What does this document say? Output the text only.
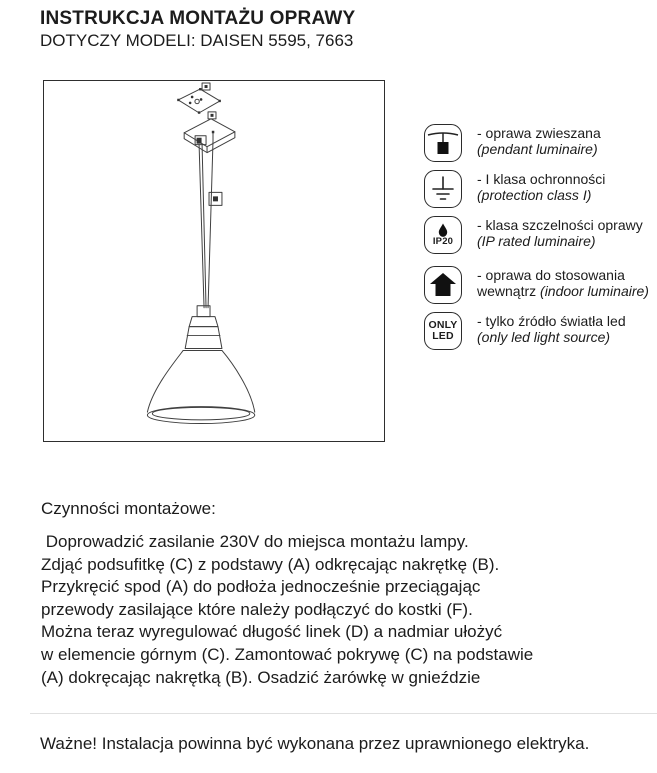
INSTRUKCJA MONTAŻU OPRAWY
DOTYCZY MODELI: DAISEN 5595, 7663
- oprawa zwieszana
(pendant luminaire)
- I klasa ochronności
(protection class I)
IP20
- klasa szczelności oprawy
(IP rated luminaire)
- oprawa do stosowania
wewnątrz (indoor luminaire)
ONLY
LED
- tylko źródło światła led
(only led light source)
Czynności montażowe:
Doprowadzić zasilanie 230V do miejsca montażu lampy.
Zdjąć podsufitkę (C) z podstawy (A) odkręcając nakrętkę (B).
Przykręcić spod (A) do podłoża jednocześnie przeciągając
przewody zasilające które należy podłączyć do kostki (F).
Można teraz wyregulować długość linek (D) a nadmiar ułożyć
w elemencie górnym (C). Zamontować pokrywę (C) na podstawie
(A) dokręcając nakrętką (B). Osadzić żarówkę w gnieździe
Ważne! Instalacja powinna być wykonana przez uprawnionego elektryka.
